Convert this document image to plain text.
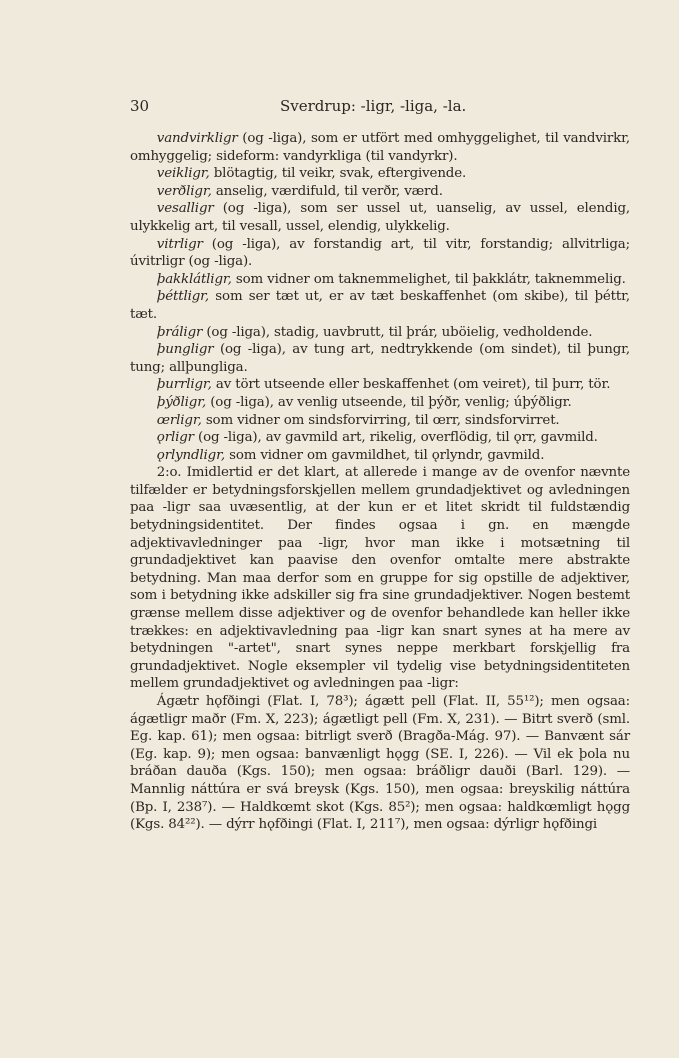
30	Sverdrup: -ligr, -liga, -la.

vandvirkligr (og -liga), som er utfört med omhyggelighet, til vandvirkr, omhyggelig; sideform: vandyrkliga (til vandyrkr).

veikligr, blötagtig, til veikr, svak, eftergivende.

verðligr, anselig, værdifuld, til verðr, værd.

vesalligr (og -liga), som ser ussel ut, uanselig, av ussel, elendig, ulykkelig art, til vesall, ussel, elendig, ulykkelig.

vitrligr (og -liga), av forstandig art, til vitr, forstandig; allvitrliga; úvitrligr (og -liga).

þakklátligr, som vidner om taknemmelighet, til þakklátr, taknemmelig.

þéttligr, som ser tæt ut, er av tæt beskaffenhet (om skibe), til þéttr, tæt.

þráligr (og -liga), stadig, uavbrutt, til þrár, uböielig, vedholdende.

þungligr (og -liga), av tung art, nedtrykkende (om sindet), til þungr, tung; allþungliga.

þurrligr, av tört utseende eller beskaffenhet (om veiret), til þurr, tör.

þýðligr, (og -liga), av venlig utseende, til þýðr, venlig; úþýðligr.

œrligr, som vidner om sindsforvirring, til œrr, sindsforvirret.

ǫrligr (og -liga), av gavmild art, rikelig, overflödig, til ǫrr, gavmild.

ǫrlyndligr, som vidner om gavmildhet, til ǫrlyndr, gavmild.

2:o. Imidlertid er det klart, at allerede i mange av de ovenfor nævnte tilfælder er betydningsforskjellen mellem grundadjektivet og avledningen paa -ligr saa uvæsentlig, at der kun er et litet skridt til fuldstændig betydningsidentitet. Der findes ogsaa i gn. en mængde adjektivavledninger paa -ligr, hvor man ikke i motsætning til grundadjektivet kan paavise den ovenfor omtalte mere abstrakte betydning. Man maa derfor som en gruppe for sig opstille de adjektiver, som i betydning ikke adskiller sig fra sine grundadjektiver. Nogen bestemt grænse mellem disse adjektiver og de ovenfor behandlede kan heller ikke trækkes: en adjektivavledning paa -ligr kan snart synes at ha mere av betydningen "-artet", snart synes neppe merkbart forskjellig fra grundadjektivet. Nogle eksempler vil tydelig vise betydningsidentiteten mellem grundadjektivet og avledningen paa -ligr:

Ágætr hǫfðingi (Flat. I, 78³); ágætt pell (Flat. II, 55¹²); men ogsaa: ágætligr maðr (Fm. X, 223); ágætligt pell (Fm. X, 231). — Bitrt sverð (sml. Eg. kap. 61); men ogsaa: bitrligt sverð (Bragða-Mág. 97). — Banvænt sár (Eg. kap. 9); men ogsaa: banvænligt hǫgg (SE. I, 226). — Vil ek þola nu bráðan dauða (Kgs. 150); men ogsaa: bráðligr dauði (Barl. 129). — Mannlig náttúra er svá breysk (Kgs. 150), men ogsaa: breyskilig náttúra (Bp. I, 238⁷). — Haldkœmt skot (Kgs. 85²); men ogsaa: haldkœmligt hǫgg (Kgs. 84²²). — dýrr hǫfðingi (Flat. I, 211⁷), men ogsaa: dýrligr hǫfðingi
